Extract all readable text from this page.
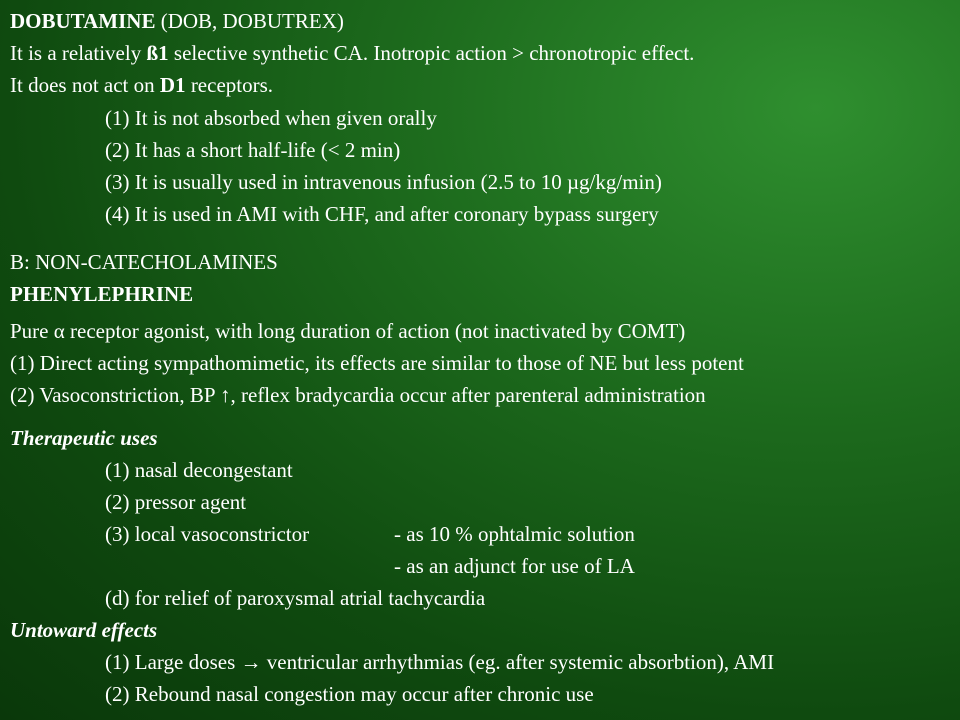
DOBUTAMINE (DOB, DOBUTREX)
It is a relatively ß1 selective synthetic CA. Inotropic action > chronotropic effect.
It does not act on D1 receptors.
(1) It is not absorbed when given orally
(2) It has a short half-life (< 2 min)
(3) It is usually used in intravenous infusion (2.5 to 10 µg/kg/min)
(4) It is used in AMI with CHF, and after coronary bypass surgery
B: NON-CATECHOLAMINES
PHENYLEPHRINE
Pure α receptor agonist, with long duration of action (not inactivated by COMT)
(1) Direct acting sympathomimetic, its effects are similar to those of NE but less potent
(2) Vasoconstriction, BP ↑, reflex bradycardia occur after parenteral administration
Therapeutic uses
(1) nasal decongestant
(2) pressor agent
(3) local vasoconstrictor	- as 10 % ophtalmic solution
- as an adjunct for use of LA
(d) for relief of paroxysmal atrial tachycardia
Untoward effects
(1) Large doses → ventricular arrhythmias (eg. after systemic absorbtion), AMI
(2) Rebound nasal congestion may occur after chronic use
